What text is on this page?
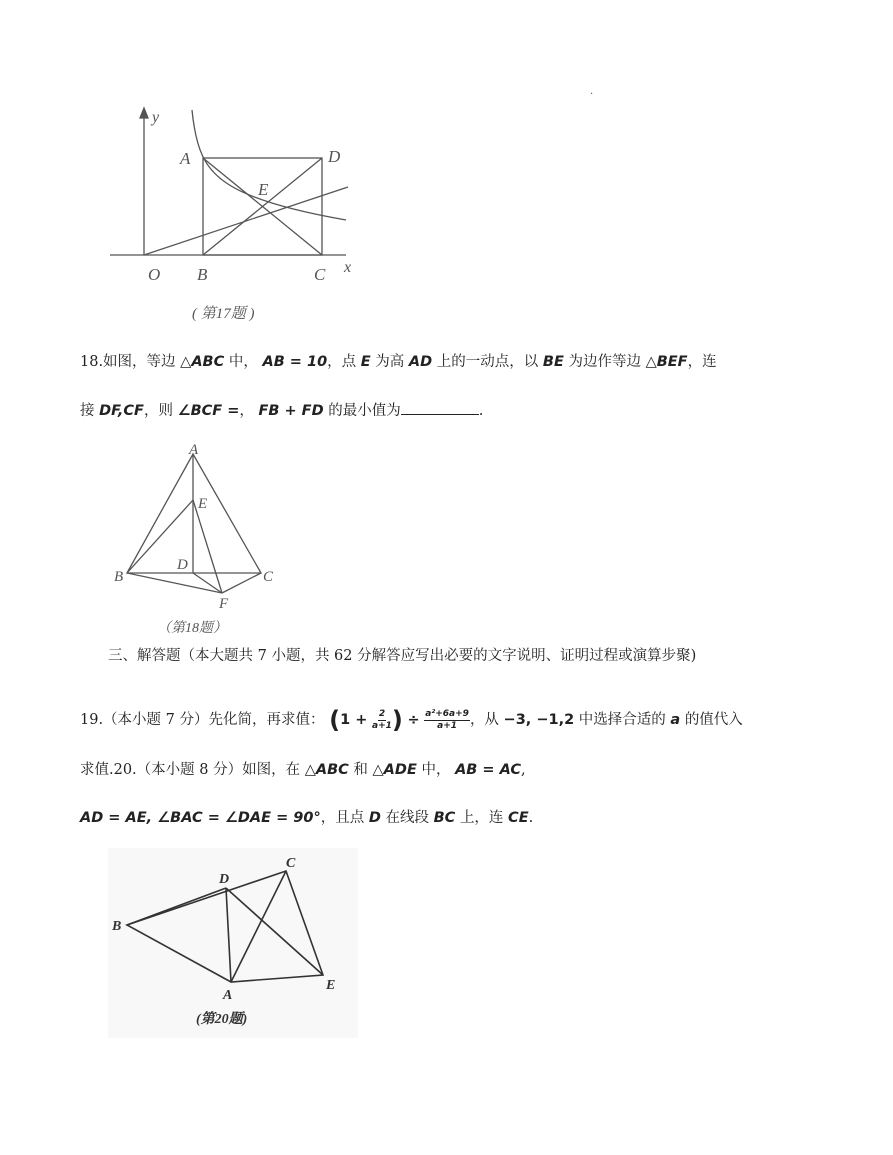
.
y
x
O
A
B	C
D
E
( 第17题 )
18.如图，等边 △ABC 中， AB = 10，点 E 为高 AD 上的一动点，以 BE 为边作等边 △BEF，连
接 DF,CF，则 ∠BCF =， FB + FD 的最小值为	.
A
E
D
B	C
F
（第18题）
三、解答题（本大题共 7 小题，共 62 分解答应写出必要的文字说明、证明过程或演算步聚)
19.（本小题 7 分）先化简，再求值： ($1 + \frac{2}{a+1}$ ) ÷ $\frac{\text{a²+6a+9}}{a+1}$ ，从 −3, −1,2 中选择合适的 a 的值代入
求值.20.（本小题 8 分）如图，在 △ABC 和 △ADE 中， AB = AC,
AD = AE, ∠BAC = ∠DAE = 90°，且点 D 在线段 BC 上，连 CE.
B
D
C
E
A
(第20题)
